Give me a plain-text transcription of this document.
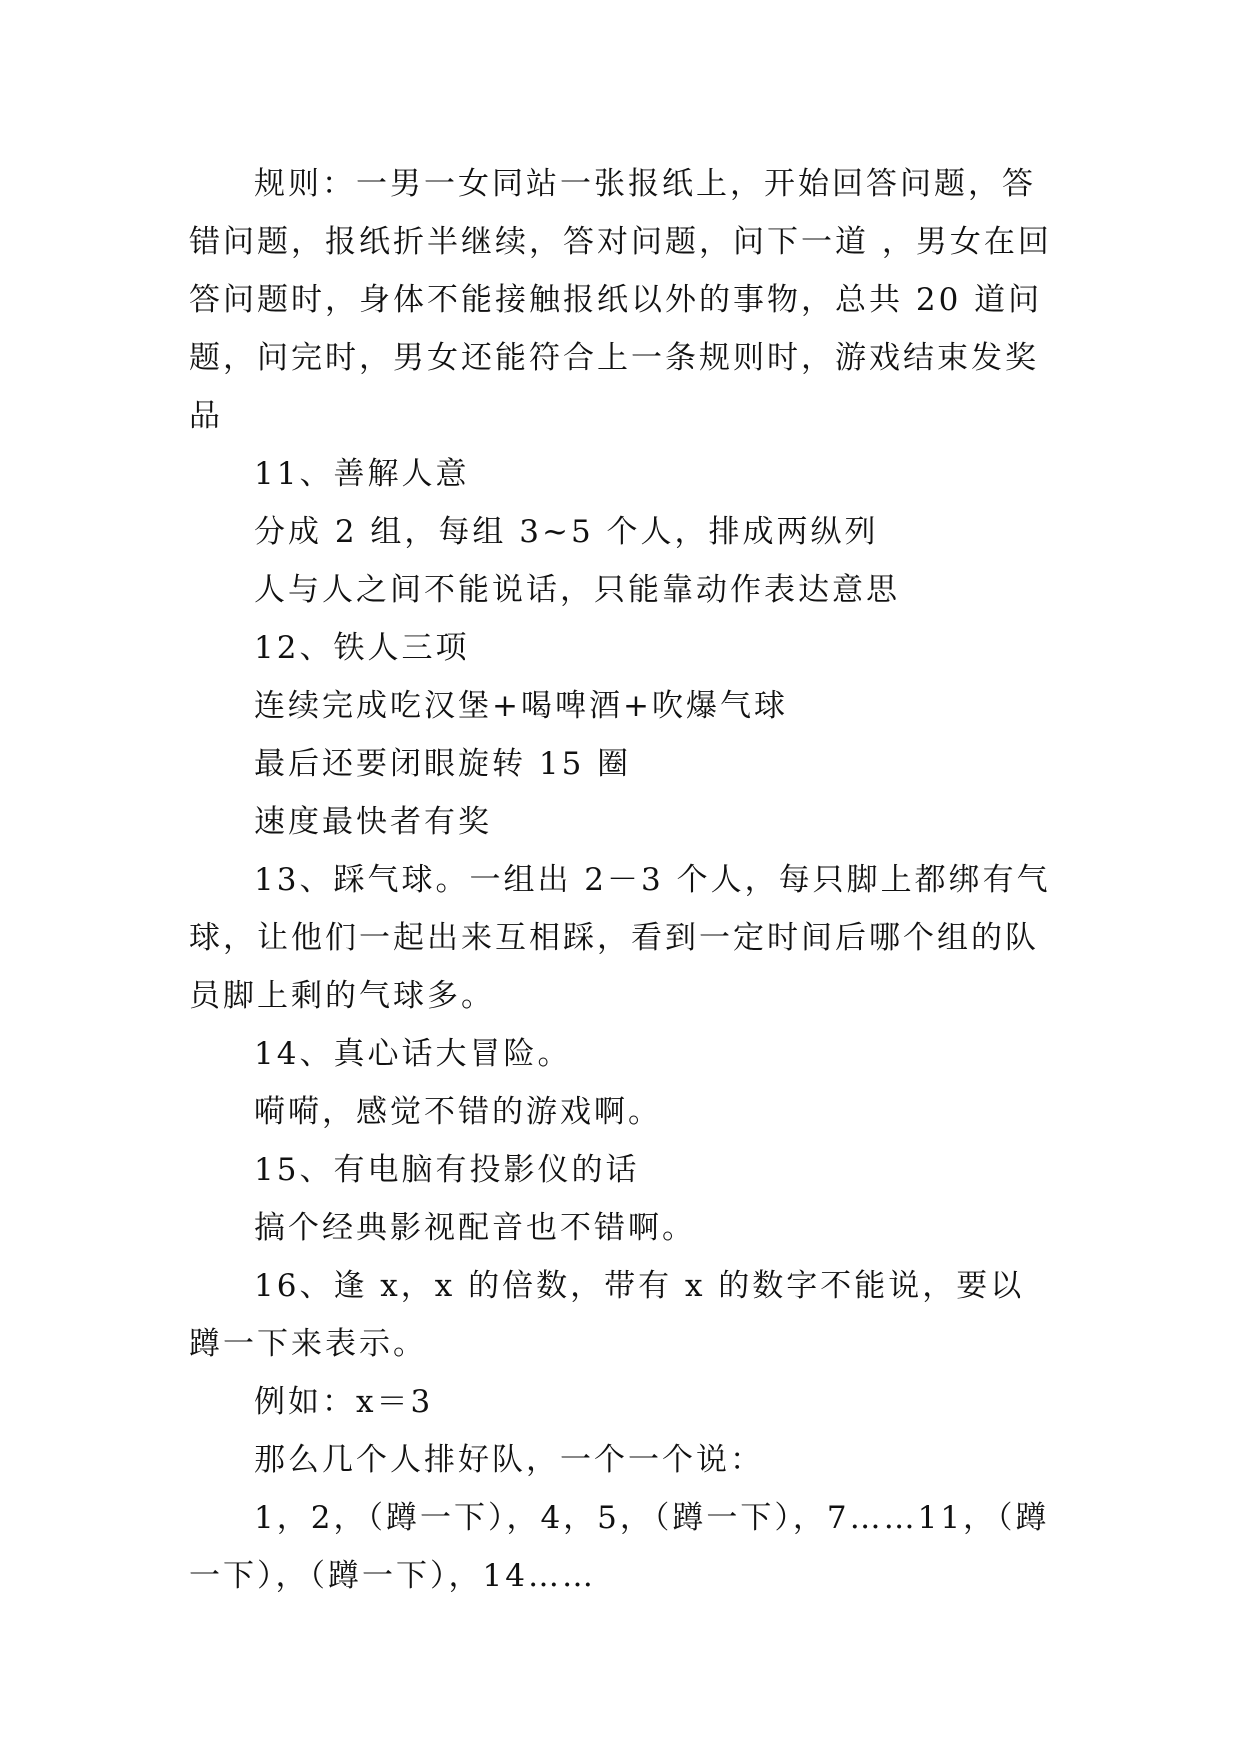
规则：一男一女同站一张报纸上，开始回答问题，答错问题，报纸折半继续，答对问题，问下一道 ，男女在回答问题时，身体不能接触报纸以外的事物，总共 20 道问题，问完时，男女还能符合上一条规则时，游戏结束发奖品

11、善解人意

分成 2 组，每组 3~5 个人，排成两纵列

人与人之间不能说话，只能靠动作表达意思

12、铁人三项

连续完成吃汉堡+喝啤酒+吹爆气球

最后还要闭眼旋转 15 圈

速度最快者有奖

13、踩气球。一组出 2－3 个人，每只脚上都绑有气球，让他们一起出来互相踩，看到一定时间后哪个组的队员脚上剩的气球多。

14、真心话大冒险。

嗬嗬，感觉不错的游戏啊。

15、有电脑有投影仪的话

搞个经典影视配音也不错啊。

16、逢 x，x 的倍数，带有 x 的数字不能说，要以蹲一下来表示。

例如：x＝3

那么几个人排好队，一个一个说：

1，2，（蹲一下），4，5，（蹲一下），7……11，（蹲一下），（蹲一下），14……
